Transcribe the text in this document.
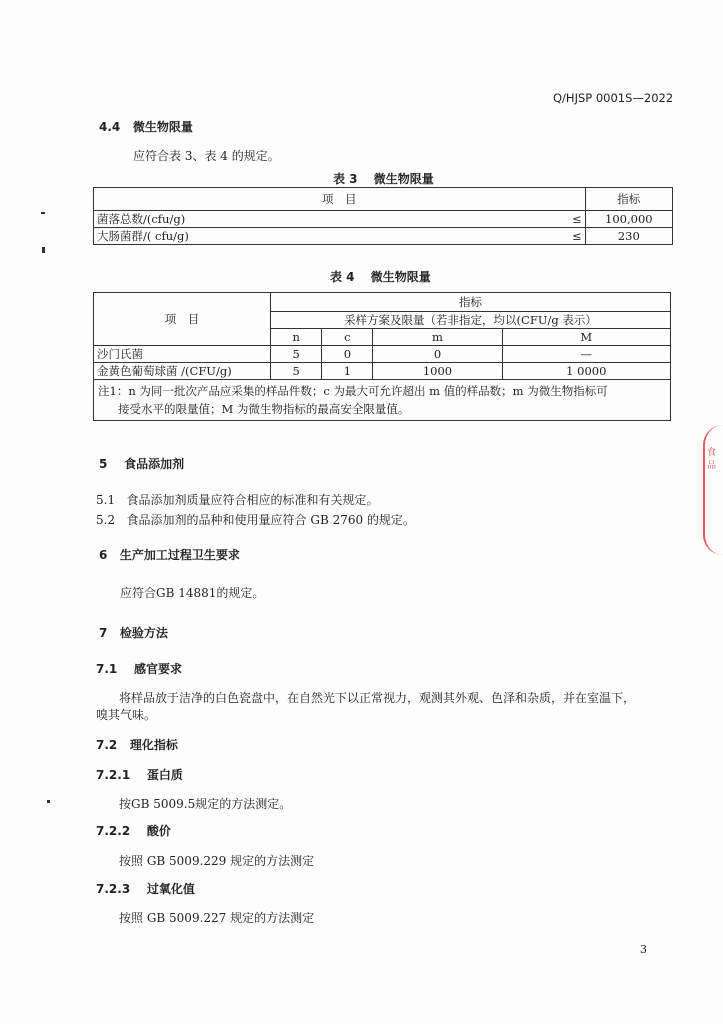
Q/HJSP 0001S—2022
4.4 微生物限量
应符合表 3、表 4 的规定。
表 3　 微生物限量
项　目		指标
菌落总数/(cfu/g)	≤	100,000
大肠菌群/( cfu/g)	≤	230
表 4　 微生物限量
项　目	指标			
	采样方案及限量（若非指定，均以(CFU/g 表示）			
	n	c	m	M
沙门氏菌	5	0	0	—
金黄色葡萄球菌 /(CFU/g)	5	1	1000	1 0000

注1：n 为同一批次产品应采集的样品件数；c 为最大可允许超出 m 值的样品数；m 为微生物指标可
接受水平的限量值；M 为微生物指标的最高安全限量值。				
5 食品添加剂
5.1 食品添加剂质量应符合相应的标准和有关规定。
5.2 食品添加剂的品种和使用量应符合 GB 2760 的规定。
6 生产加工过程卫生要求
应符合GB 14881的规定。
7 检验方法
7.1 感官要求
将样品放于洁净的白色瓷盘中，在自然光下以正常视力，观测其外观、色泽和杂质，并在室温下，
嗅其气味。
7.2 理化指标
7.2.1 蛋白质
按GB 5009.5规定的方法测定。
7.2.2 酸价
按照 GB 5009.229 规定的方法测定
7.2.3 过氧化值
按照 GB 5009.227 规定的方法测定
3
食品
